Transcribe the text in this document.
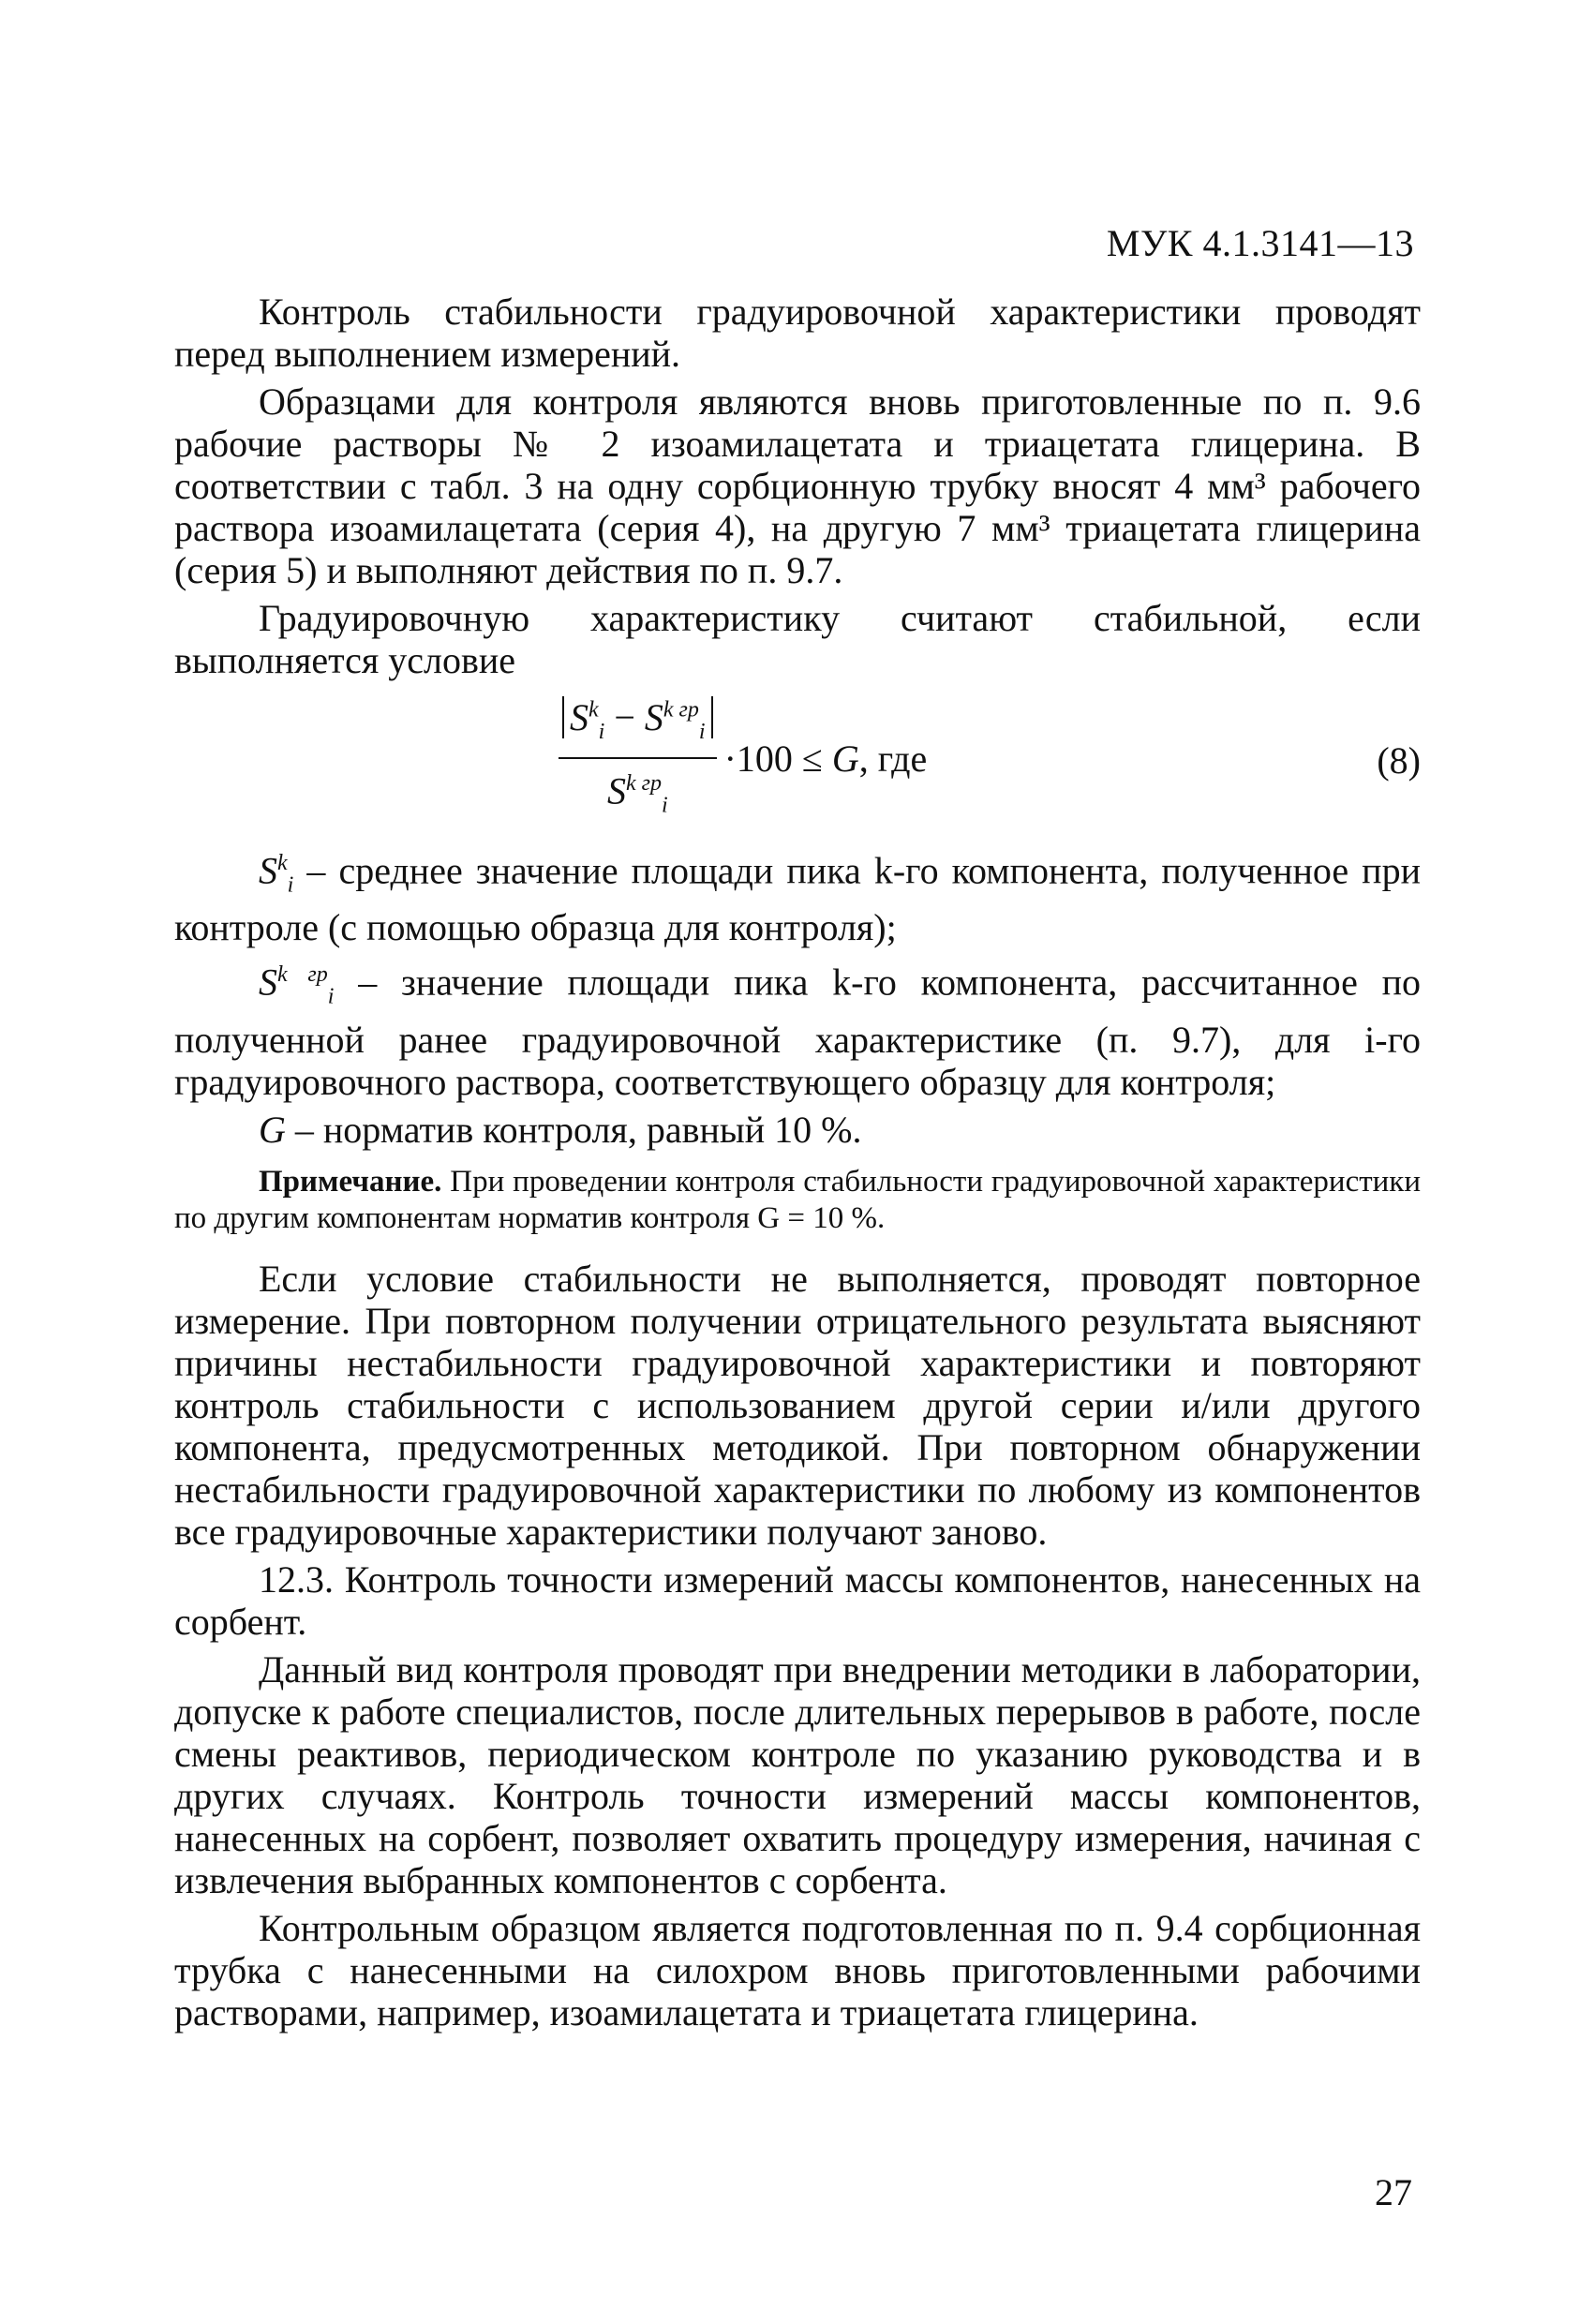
МУК 4.1.3141—13

Контроль стабильности градуировочной характеристики проводят перед выполнением измерений.

Образцами для контроля являются вновь приготовленные по п. 9.6 рабочие растворы № 2 изоамилацетата и триацетата глицерина. В соответствии с табл. 3 на одну сорбционную трубку вносят 4 мм³ рабочего раствора изоамилацетата (серия 4), на другую 7 мм³ триацетата глицерина (серия 5) и выполняют действия по п. 9.7.

Градуировочную характеристику считают стабильной, если выполняется условие

$\frac{S^k_i - S^{k гр}_i}{S^{k гр}_i} \cdot 100 \le G$, где	(8)

$S^k_i$ – среднее значение площади пика k-го компонента, полученное при контроле (с помощью образца для контроля);

$S^{k гр}_i$ – значение площади пика k-го компонента, рассчитанное по полученной ранее градуировочной характеристике (п. 9.7), для i-го градуировочного раствора, соответствующего образцу для контроля;

G – норматив контроля, равный 10 %.

Примечание. При проведении контроля стабильности градуировочной характеристики по другим компонентам норматив контроля G = 10 %.

Если условие стабильности не выполняется, проводят повторное измерение. При повторном получении отрицательного результата выясняют причины нестабильности градуировочной характеристики и повторяют контроль стабильности с использованием другой серии и/или другого компонента, предусмотренных методикой. При повторном обнаружении нестабильности градуировочной характеристики по любому из компонентов все градуировочные характеристики получают заново.

12.3. Контроль точности измерений массы компонентов, нанесенных на сорбент.

Данный вид контроля проводят при внедрении методики в лаборатории, допуске к работе специалистов, после длительных перерывов в работе, после смены реактивов, периодическом контроле по указанию руководства и в других случаях. Контроль точности измерений массы компонентов, нанесенных на сорбент, позволяет охватить процедуру измерения, начиная с извлечения выбранных компонентов с сорбента.

Контрольным образцом является подготовленная по п. 9.4 сорбционная трубка с нанесенными на силохром вновь приготовленными рабочими растворами, например, изоамилацетата и триацетата глицерина.

27
